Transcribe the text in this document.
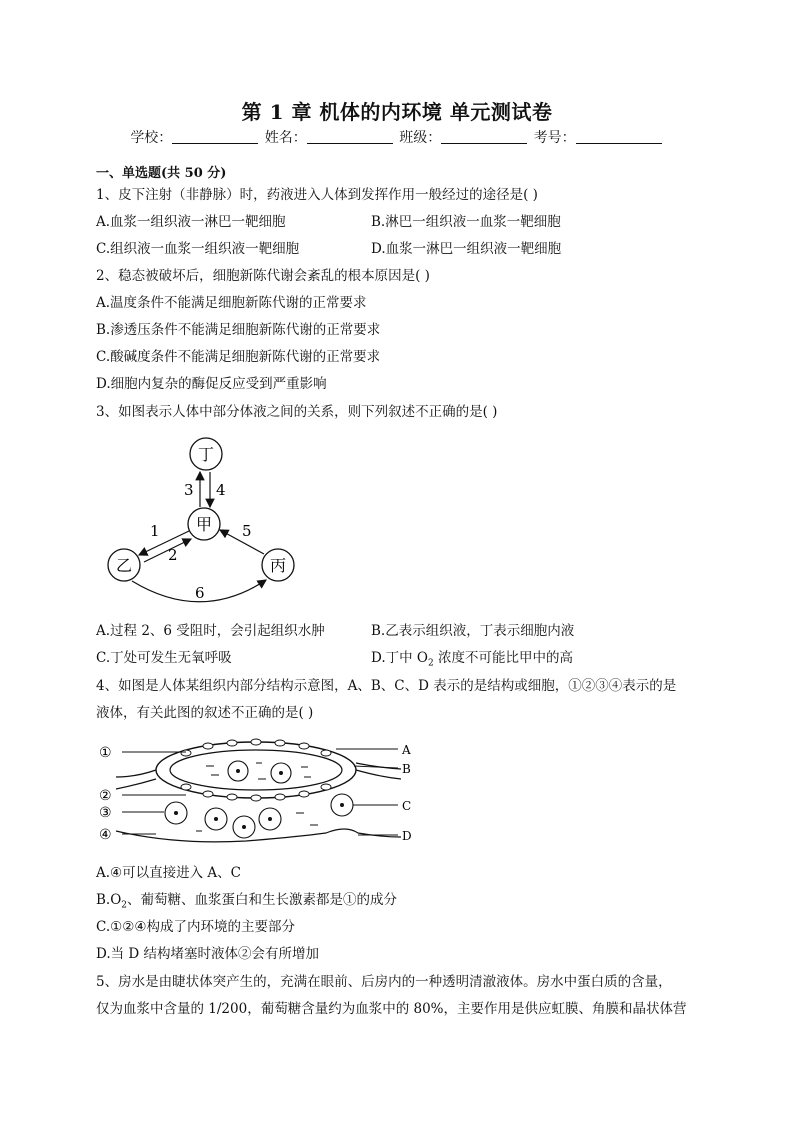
第 1 章 机体的内环境 单元测试卷
学校：	姓名：	班级：	考号：
一、单选题(共 50 分)
1、皮下注射（非静脉）时，药液进入人体到发挥作用一般经过的途径是( )
A.血浆一组织液一淋巴一靶细胞	B.淋巴一组织液一血浆一靶细胞
C.组织液一血浆一组织液一靶细胞	D.血浆一淋巴一组织液一靶细胞
2、稳态被破坏后，细胞新陈代谢会紊乱的根本原因是( )
A.温度条件不能满足细胞新陈代谢的正常要求
B.渗透压条件不能满足细胞新陈代谢的正常要求
C.酸碱度条件不能满足细胞新陈代谢的正常要求
D.细胞内复杂的酶促反应受到严重影响
3、如图表示人体中部分体液之间的关系，则下列叙述不正确的是( )
丁
甲
乙	丙
3 4
1
2
5
6
A.过程 2、6 受阻时，会引起组织水肿	B.乙表示组织液，丁表示细胞内液
C.丁处可发生无氧呼吸	D.丁中 $O_2$ 浓度不可能比甲中的高
4、如图是人体某组织内部分结构示意图，A、B、C、D 表示的是结构或细胞，①②③④表示的是
液体，有关此图的叙述不正确的是( )
①
②
③
④
A
B
C
D
A.④可以直接进入 A、C
$B.O_2$、葡萄糖、血浆蛋白和生长激素都是①的成分
C.①②④构成了内环境的主要部分
D.当 D 结构堵塞时液体②会有所增加
5、房水是由睫状体突产生的，充满在眼前、后房内的一种透明清澈液体。房水中蛋白质的含量，
仅为血浆中含量的 1/200，葡萄糖含量约为血浆中的 80%，主要作用是供应虹膜、角膜和晶状体营
